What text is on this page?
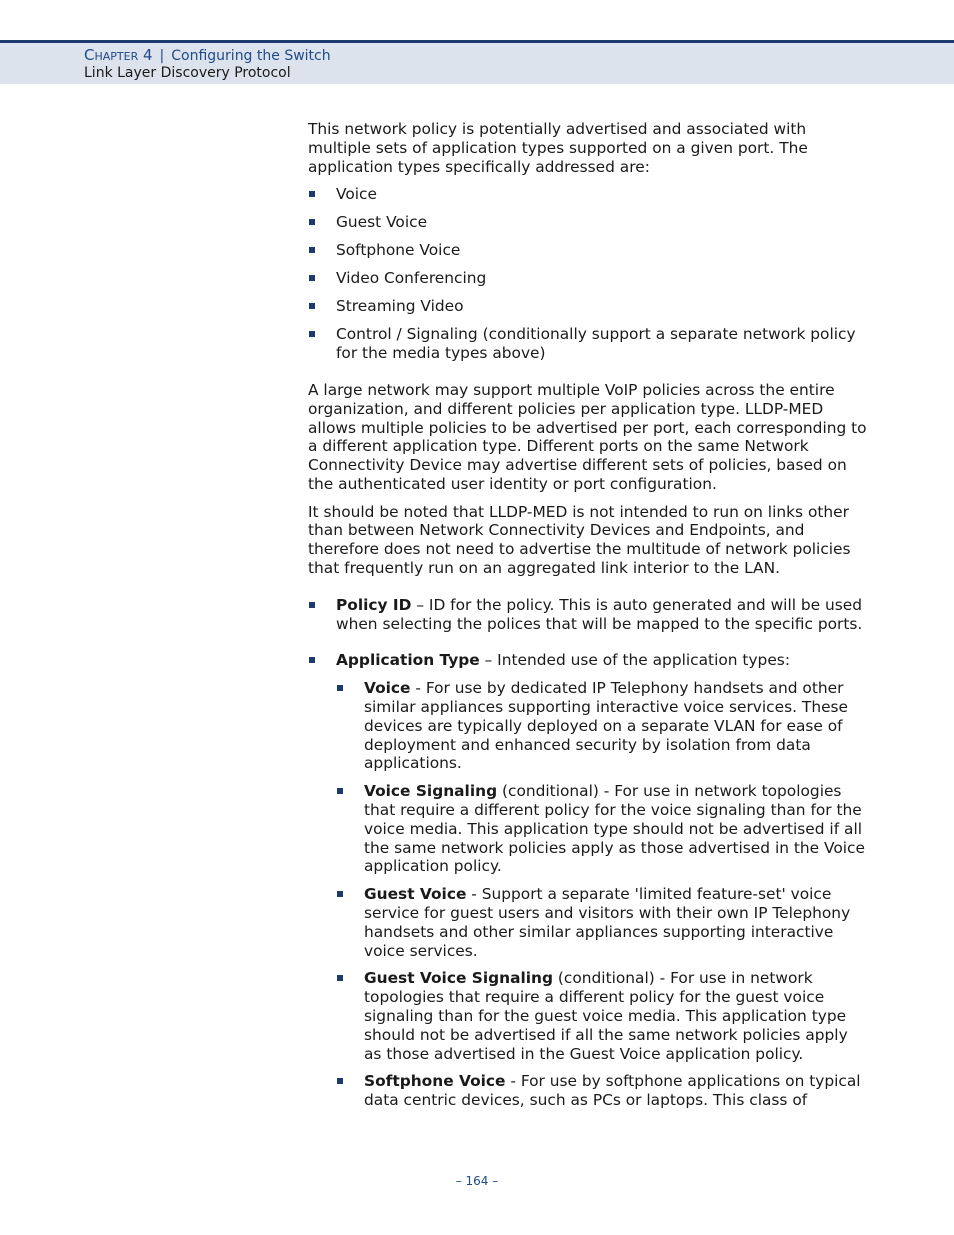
Chapter 4 | Configuring the Switch
Link Layer Discovery Protocol

This network policy is potentially advertised and associated with multiple sets of application types supported on a given port. The application types specifically addressed are:

Voice
Guest Voice
Softphone Voice
Video Conferencing
Streaming Video
Control / Signaling (conditionally support a separate network policy for the media types above)

A large network may support multiple VoIP policies across the entire organization, and different policies per application type. LLDP-MED allows multiple policies to be advertised per port, each corresponding to a different application type. Different ports on the same Network Connectivity Device may advertise different sets of policies, based on the authenticated user identity or port configuration.

It should be noted that LLDP-MED is not intended to run on links other than between Network Connectivity Devices and Endpoints, and therefore does not need to advertise the multitude of network policies that frequently run on an aggregated link interior to the LAN.

Policy ID – ID for the policy. This is auto generated and will be used when selecting the polices that will be mapped to the specific ports.
Application Type – Intended use of the application types:
Voice - For use by dedicated IP Telephony handsets and other similar appliances supporting interactive voice services. These devices are typically deployed on a separate VLAN for ease of deployment and enhanced security by isolation from data applications.
Voice Signaling (conditional) - For use in network topologies that require a different policy for the voice signaling than for the voice media. This application type should not be advertised if all the same network policies apply as those advertised in the Voice application policy.
Guest Voice - Support a separate 'limited feature-set' voice service for guest users and visitors with their own IP Telephony handsets and other similar appliances supporting interactive voice services.
Guest Voice Signaling (conditional) - For use in network topologies that require a different policy for the guest voice signaling than for the guest voice media. This application type should not be advertised if all the same network policies apply as those advertised in the Guest Voice application policy.
Softphone Voice - For use by softphone applications on typical data centric devices, such as PCs or laptops. This class of
– 164 –
